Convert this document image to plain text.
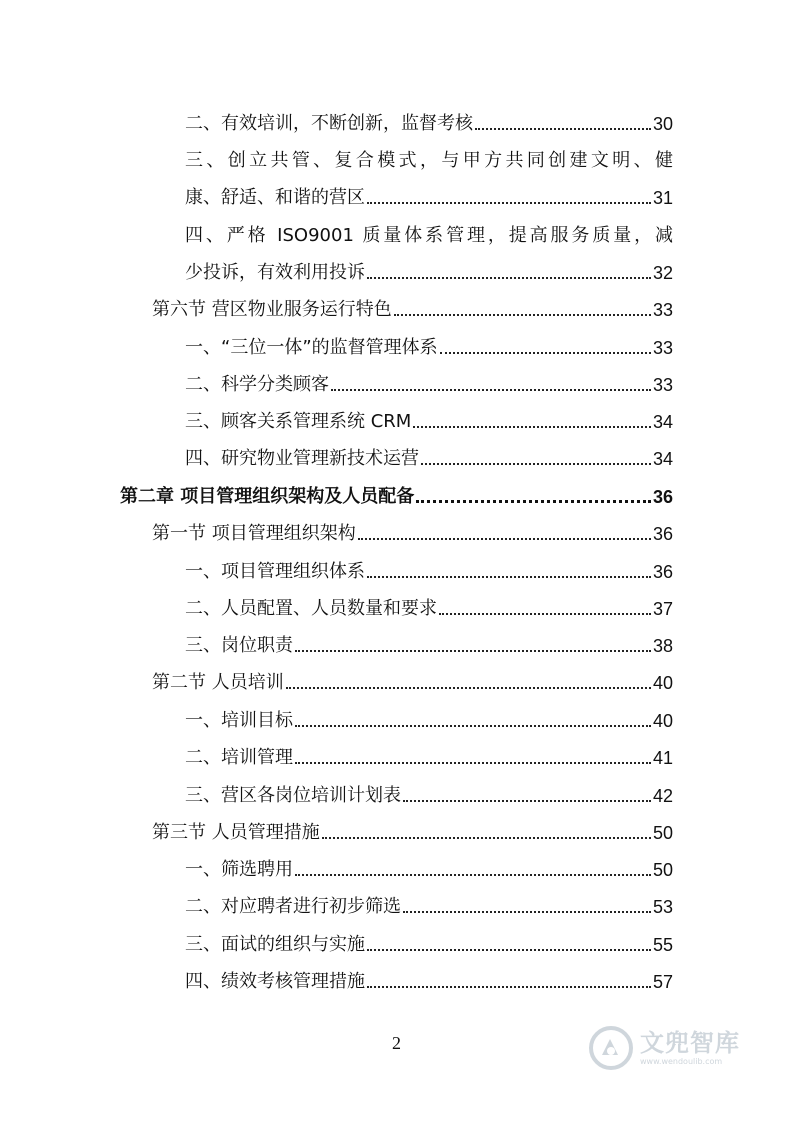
二、有效培训，不断创新，监督考核	30
三、创立共管、复合模式，与甲方共同创建文明、健
康、舒适、和谐的营区	31
四、严格 ISO9001 质量体系管理，提高服务质量，减
少投诉，有效利用投诉	32
第六节 营区物业服务运行特色	33
一、“三位一体”的监督管理体系	33
二、科学分类顾客	33
三、顾客关系管理系统 CRM	34
四、研究物业管理新技术运营	34
第二章 项目管理组织架构及人员配备	36
第一节 项目管理组织架构	36
一、项目管理组织体系	36
二、人员配置、人员数量和要求	37
三、岗位职责	38
第二节 人员培训	40
一、培训目标	40
二、培训管理	41
三、营区各岗位培训计划表	42
第三节 人员管理措施	50
一、筛选聘用	50
二、对应聘者进行初步筛选	53
三、面试的组织与实施	55
四、绩效考核管理措施	57
2	文兜智库
www.wendoulib.com
